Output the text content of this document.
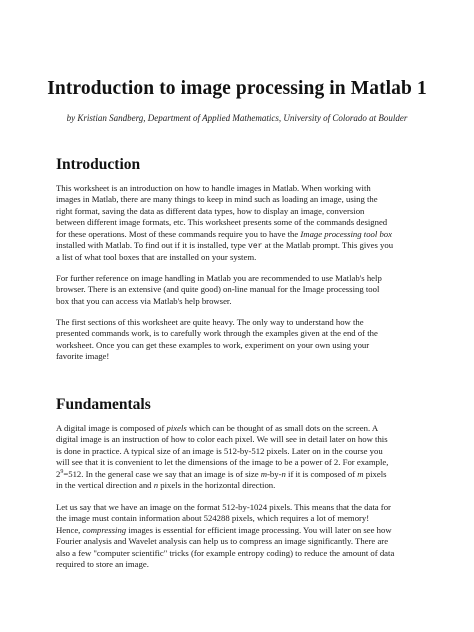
Introduction to image processing in Matlab 1
by Kristian Sandberg, Department of Applied Mathematics, University of Colorado at Boulder
Introduction
This worksheet is an introduction on how to handle images in Matlab. When working with
images in Matlab, there are many things to keep in mind such as loading an image, using the
right format, saving the data as different data types, how to display an image, conversion
between different image formats, etc. This worksheet presents some of the commands designed
for these operations. Most of these commands require you to have the Image processing tool box
installed with Matlab. To find out if it is installed, type ver at the Matlab prompt. This gives you
a list of what tool boxes that are installed on your system.
For further reference on image handling in Matlab you are recommended to use Matlab's help
browser. There is an extensive (and quite good) on-line manual for the Image processing tool
box that you can access via Matlab's help browser.
The first sections of this worksheet are quite heavy. The only way to understand how the
presented commands work, is to carefully work through the examples given at the end of the
worksheet. Once you can get these examples to work, experiment on your own using your
favorite image!
Fundamentals
A digital image is composed of pixels which can be thought of as small dots on the screen. A
digital image is an instruction of how to color each pixel. We will see in detail later on how this
is done in practice. A typical size of an image is 512-by-512 pixels. Later on in the course you
will see that it is convenient to let the dimensions of the image to be a power of 2. For example,
$2^9=512$. In the general case we say that an image is of size m-by-n if it is composed of m pixels
in the vertical direction and n pixels in the horizontal direction.
Let us say that we have an image on the format 512-by-1024 pixels. This means that the data for
the image must contain information about 524288 pixels, which requires a lot of memory!
Hence, compressing images is essential for efficient image processing. You will later on see how
Fourier analysis and Wavelet analysis can help us to compress an image significantly. There are
also a few "computer scientific" tricks (for example entropy coding) to reduce the amount of data
required to store an image.
